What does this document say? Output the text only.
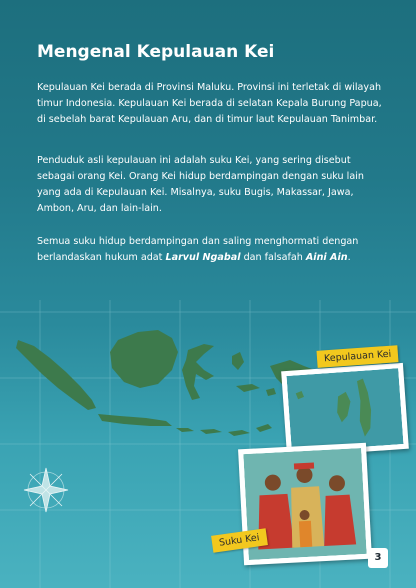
Mengenal Kepulauan Kei

Kepulauan Kei berada di Provinsi Maluku. Provinsi ini terletak di wilayah timur Indonesia. Kepulauan Kei berada di selatan Kepala Burung Papua, di sebelah barat Kepulauan Aru, dan di timur laut Kepulauan Tanimbar.

Penduduk asli kepulauan ini adalah suku Kei, yang sering disebut sebagai orang Kei. Orang Kei hidup berdampingan dengan suku lain yang ada di Kepulauan Kei. Misalnya, suku Bugis, Makassar, Jawa, Ambon, Aru, dan lain-lain.

Semua suku hidup berdampingan dan saling menghormati dengan berlandaskan hukum adat Larvul Ngabal dan falsafah Aini Ain.

Kepulauan Kei
Suku Kei
3
